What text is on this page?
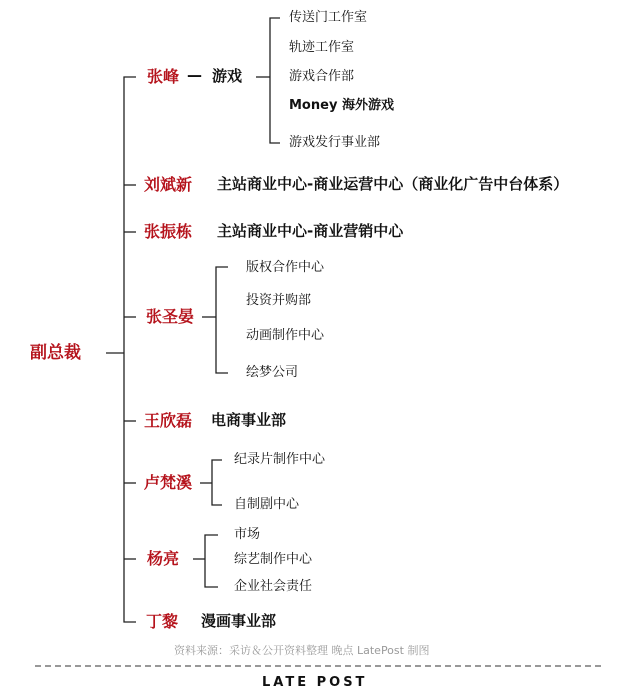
副总裁
张峰 — 游戏
传送门工作室
轨迹工作室
游戏合作部
Money 海外游戏
游戏发行事业部
刘斌新 主站商业中心-商业运营中心（商业化广告中台体系）
张振栋 主站商业中心-商业营销中心
张圣晏
版权合作中心
投资并购部
动画制作中心
绘梦公司
王欣磊 电商事业部
卢梵溪
纪录片制作中心
自制剧中心
杨亮
市场
综艺制作中心
企业社会责任
丁黎 漫画事业部
资料来源：采访＆公开资料整理 晚点 LatePost 制图
LATE POST
